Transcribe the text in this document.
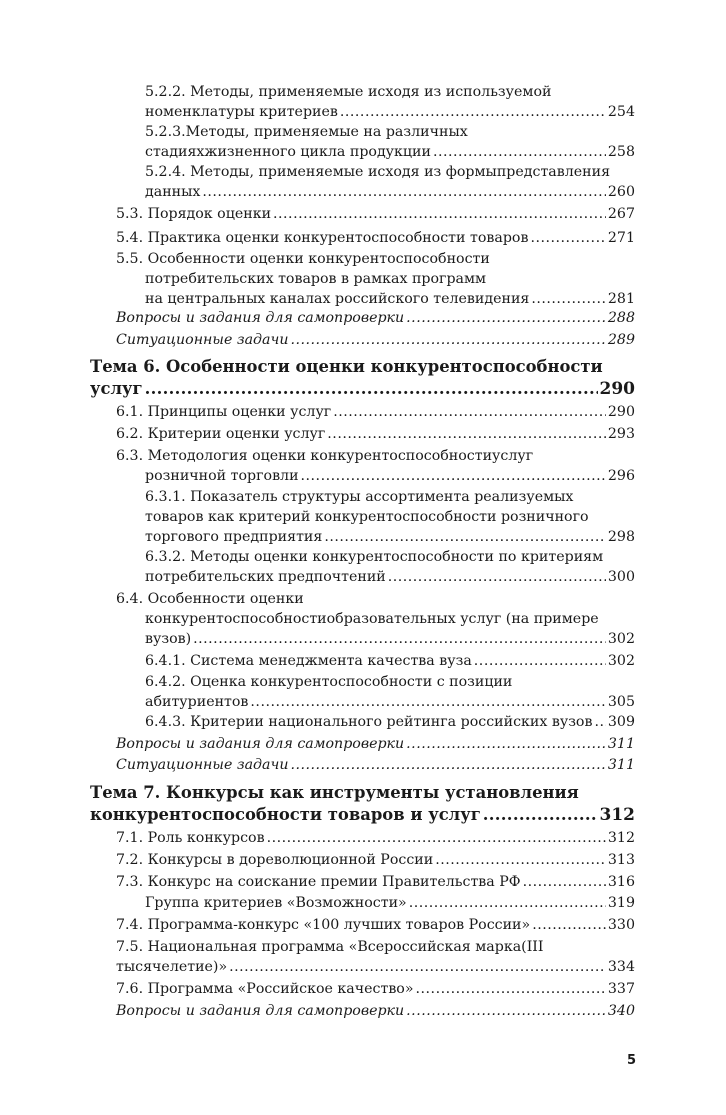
5.2.2. Методы, применяемые исходя из используемой
номенклатуры критериев .....	254
5.2.3.Методы, применяемые на различных
стадияхжизненного цикла продукции .....	258
5.2.4. Методы, применяемые исходя из формыпредставления
данных .....	260
5.3. Порядок оценки .....	267
5.4. Практика оценки конкурентоспособности товаров .....	271
5.5. Особенности оценки конкурентоспособности
потребительских товаров в рамках программ
на центральных каналах российского телевидения .....	281
Вопросы и задания для самопроверки .....	288
Ситуационные задачи .....	289
Тема 6. Особенности оценки конкурентоспособности
услуг .....	290
6.1. Принципы оценки услуг .....	290
6.2. Критерии оценки услуг .....	293
6.3. Методология оценки конкурентоспособностиуслуг
розничной торговли .....	296
6.3.1. Показатель структуры ассортимента реализуемых
товаров как критерий конкурентоспособности розничного
торгового предприятия .....	298
6.3.2. Методы оценки конкурентоспособности по критериям
потребительских предпочтений .....	300
6.4. Особенности оценки
конкурентоспособностиобразовательных услуг (на примере
вузов) .....	302
6.4.1. Система менеджмента качества вуза .....	302
6.4.2. Оценка конкурентоспособности с позиции
абитуриентов .....	305
6.4.3. Критерии национального рейтинга российских вузов ..... 309
Вопросы и задания для самопроверки .....	311
Ситуационные задачи .....	311
Тема 7. Конкурсы как инструменты установления
конкурентоспособности товаров и услуг .....	312
7.1. Роль конкурсов .....	312
7.2. Конкурсы в дореволюционной России .....	313
7.3. Конкурс на соискание премии Правительства РФ .....	316
Группа критериев «Возможности» .....	319
7.4. Программа-конкурс «100 лучших товаров России» .....	330
7.5. Национальная программа «Всероссийская марка(III
тысячелетие)» .....	334
7.6. Программа «Российское качество» .....	337
Вопросы и задания для самопроверки .....	340
5
